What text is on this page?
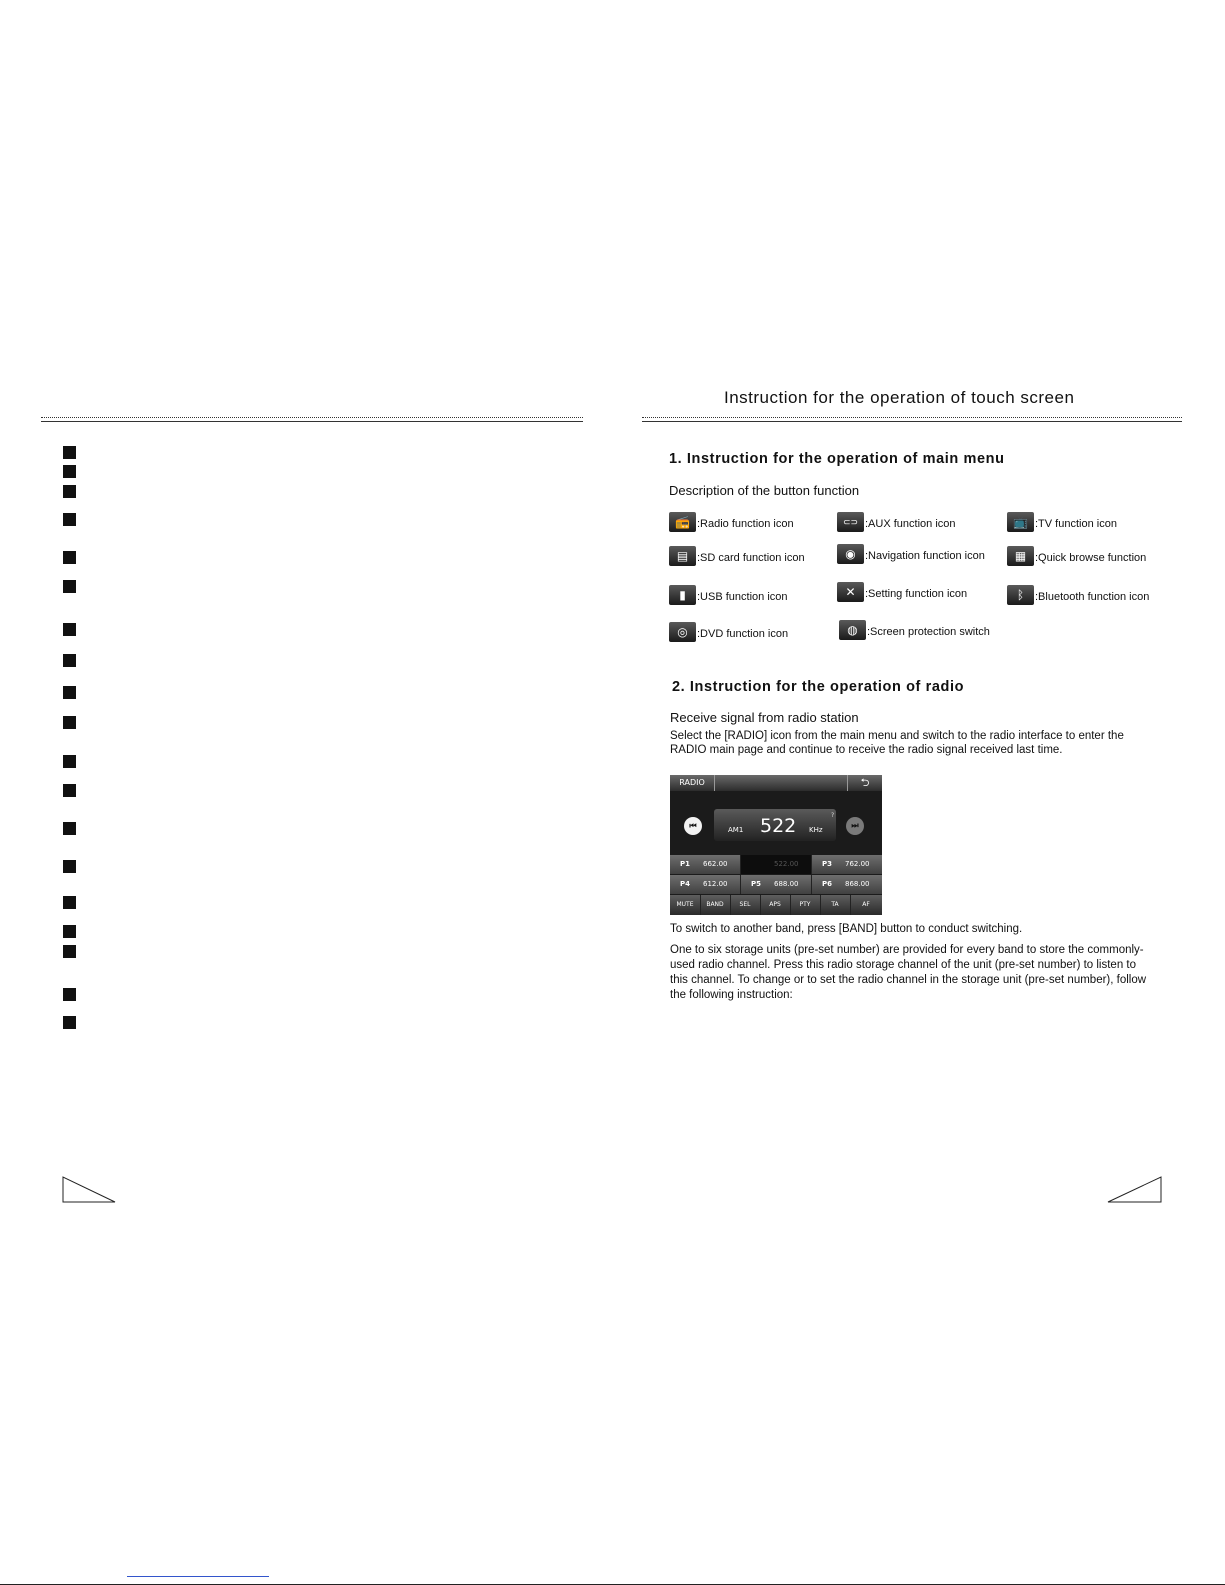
Instruction for the operation of touch screen
1. Instruction for the operation of main menu
Description of the button function
📻 :Radio function icon	⊂⊃ :AUX function icon	📺 :TV function icon
▤ :SD card function icon	◉ :Navigation function icon	▦ :Quick browse function
▮	:USB function icon	✕ :Setting function icon	ᛒ :Bluetooth function icon
◎ :DVD function icon	◍ :Screen protection switch
2. Instruction for the operation of radio
Receive signal from radio station
Select the [RADIO] icon from the main menu and switch to the radio interface to enter the RADIO main page and continue to receive the radio signal received last time.
RADIO	⮌
⏮	AM1 522 KHz
?
⏭
P1 662.00	522.00	P3 762.00
P4 612.00	P5 688.00	P6 868.00
MUTE	BAND	SEL	APS	PTY	TA	AF
To switch to another band, press [BAND] button to conduct switching.
One to six storage units (pre-set number) are provided for every band to store the commonly-used radio channel. Press this radio storage channel of the unit (pre-set number) to listen to this channel. To change or to set the radio channel in the storage unit (pre-set number), follow the following instruction:
